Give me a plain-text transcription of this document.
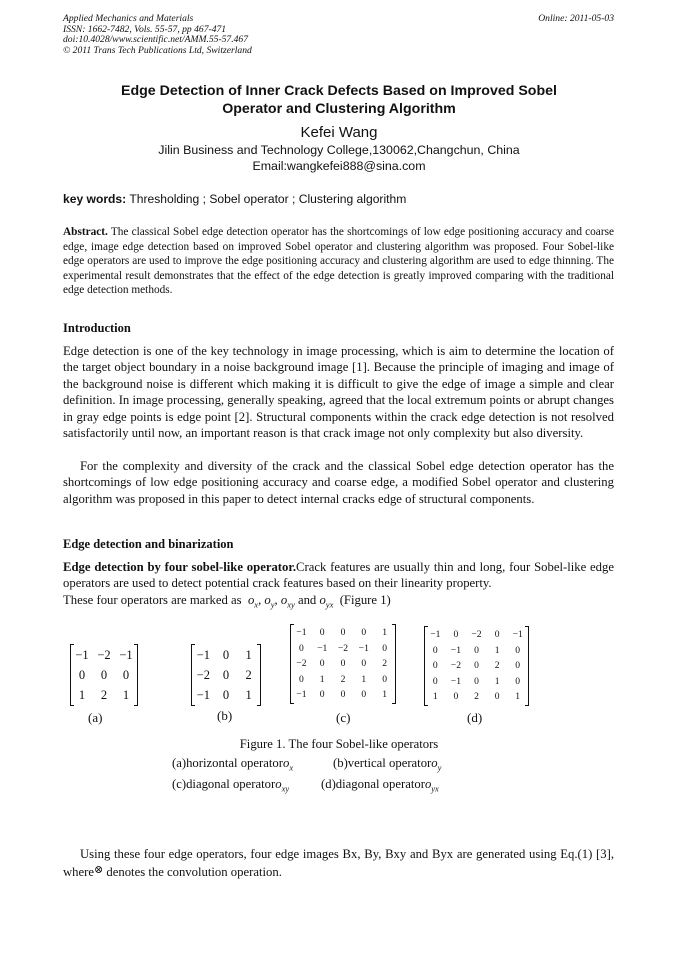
Applied Mechanics and Materials
ISSN: 1662-7482, Vols. 55-57, pp 467-471
doi:10.4028/www.scientific.net/AMM.55-57.467
© 2011 Trans Tech Publications Ltd, Switzerland
Online: 2011-05-03
Edge Detection of Inner Crack Defects Based on Improved Sobel
Operator and Clustering Algorithm
Kefei Wang
Jilin Business and Technology College,130062,Changchun, China
Email:wangkefei888@sina.com
key words: Thresholding ; Sobel operator ; Clustering algorithm
Abstract. The classical Sobel edge detection operator has the shortcomings of low edge positioning accuracy and coarse edge, image edge detection based on improved Sobel operator and clustering algorithm was proposed. Four Sobel-like edge operators are used to improve the edge positioning accuracy and clustering algorithm are used to edge thinning. The experimental result demonstrates that the effect of the edge detection is greatly improved comparing with the traditional edge detection methods.
Introduction
Edge detection is one of the key technology in image processing, which is aim to determine the location of the target object boundary in a noise background image [1]. Because the principle of imaging and image of the background noise is different which making it is difficult to give the edge of image a simple and clear definition. In image processing, generally speaking, agreed that the local extremum points or abrupt changes in gray edge points is edge point [2]. Structural components within the crack edge detection is not resolved satisfactorily until now, an important reason is that crack image not only complexity but also diversity.
For the complexity and diversity of the crack and the classical Sobel edge detection operator has the shortcomings of low edge positioning accuracy and coarse edge, a modified Sobel operator and clustering algorithm was proposed in this paper to detect internal cracks edge of structural components.
Edge detection and binarization
Edge detection by four sobel-like operator.Crack features are usually thin and long, four Sobel-like edge operators are used to detect potential crack features based on their linearity property.
These four operators are marked as $o_x$, $o_y$, $o_{xy}$ and $o_{yx}$ (Figure 1)
−1 −2 −1
0	0	0
1	2	1
(a)
−1	0	1
−2	0	2
−1	0	1
(b)
−1	0	0	0	1
0	−1	−2	−1	0
−2	0	0	0	2
0	1	2	1	0
−1	0	0	0	1
(c)
−1	0	−2	0	−1
0	−1	0	1	0
0	−2	0	2	0
0	−1	0	1	0
1	0	2	0	1
(d)
Figure 1. The four Sobel-like operators
(a)horizontal operatoro$_x$	(b)vertical operatoro$_y$
(c)diagonal operatoro$_{xy}$	(d)diagonal operatoro$_{yx}$
Using these four edge operators, four edge images Bx, By, Bxy and Byx are generated using Eq.(1) [3], where⊗ denotes the convolution operation.
